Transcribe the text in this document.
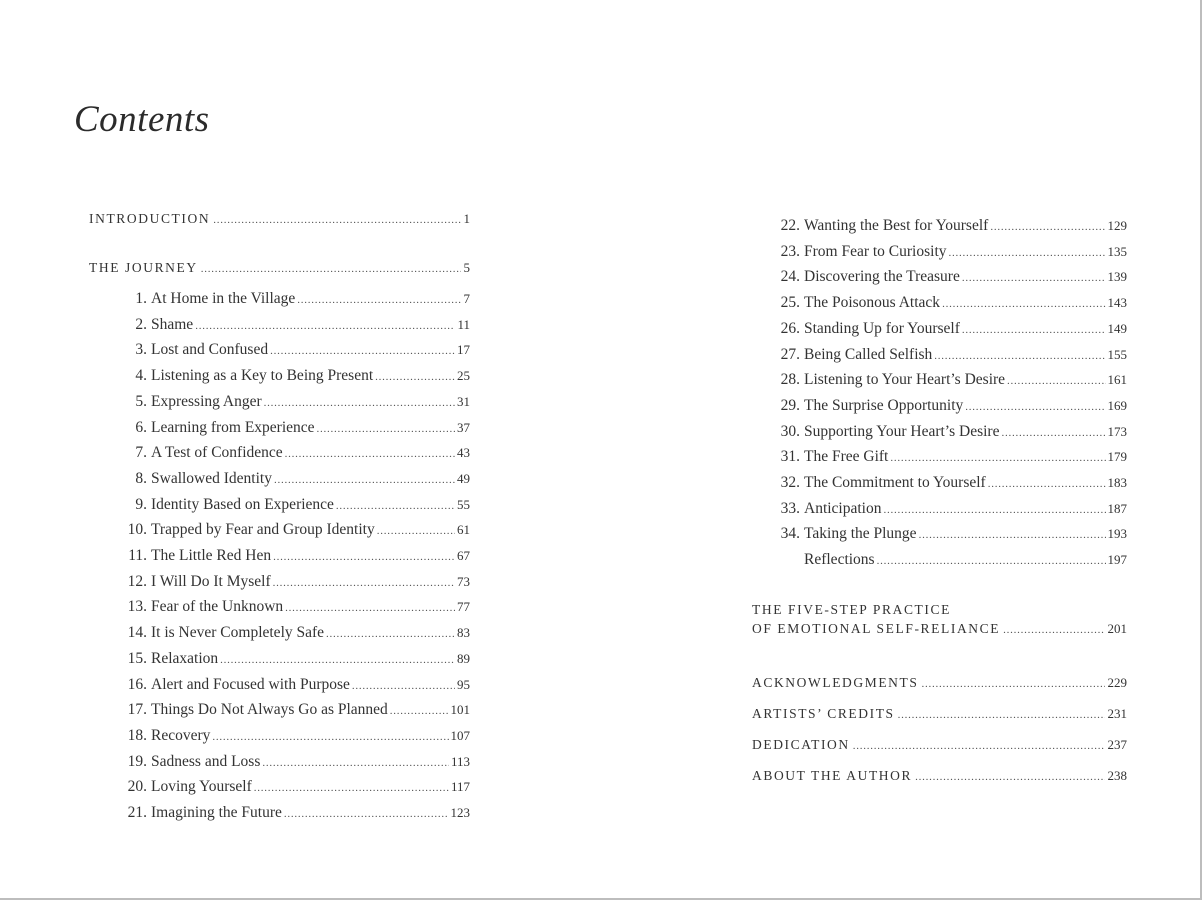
Contents
INTRODUCTION . . .	1
THE JOURNEY . . .	5
1. At Home in the Village . . .	7
2. Shame . . .	11
3. Lost and Confused . . .	17
4. Listening as a Key to Being Present . . .	25
5. Expressing Anger . . .	31
6. Learning from Experience . . .	37
7. A Test of Confidence . . .	43
8. Swallowed Identity . . .	49
9. Identity Based on Experience . . .	55
10. Trapped by Fear and Group Identity . . .	61
11. The Little Red Hen . . .	67
12. I Will Do It Myself . . .	73
13. Fear of the Unknown . . .	77
14. It is Never Completely Safe . . .	83
15. Relaxation . . .	89
16. Alert and Focused with Purpose . . .	95
17. Things Do Not Always Go as Planned . . .	101
18. Recovery . . .	107
19. Sadness and Loss . . .	113
20. Loving Yourself . . .	117
21. Imagining the Future . . .	123
22. Wanting the Best for Yourself . . .	129
23. From Fear to Curiosity . . .	135
24. Discovering the Treasure . . .	139
25. The Poisonous Attack . . .	143
26. Standing Up for Yourself . . .	149
27. Being Called Selfish . . .	155
28. Listening to Your Heart’s Desire . . .	161
29. The Surprise Opportunity . . .	169
30. Supporting Your Heart’s Desire . . .	173
31. The Free Gift . . .	179
32. The Commitment to Yourself . . .	183
33. Anticipation . . .	187
34. Taking the Plunge . . .	193
Reflections . . .	197
THE FIVE-STEP PRACTICE
OF EMOTIONAL SELF-RELIANCE . . .	201
ACKNOWLEDGMENTS . . .	229
ARTISTS’ CREDITS . . .	231
DEDICATION . . .	237
ABOUT THE AUTHOR . . .	238
